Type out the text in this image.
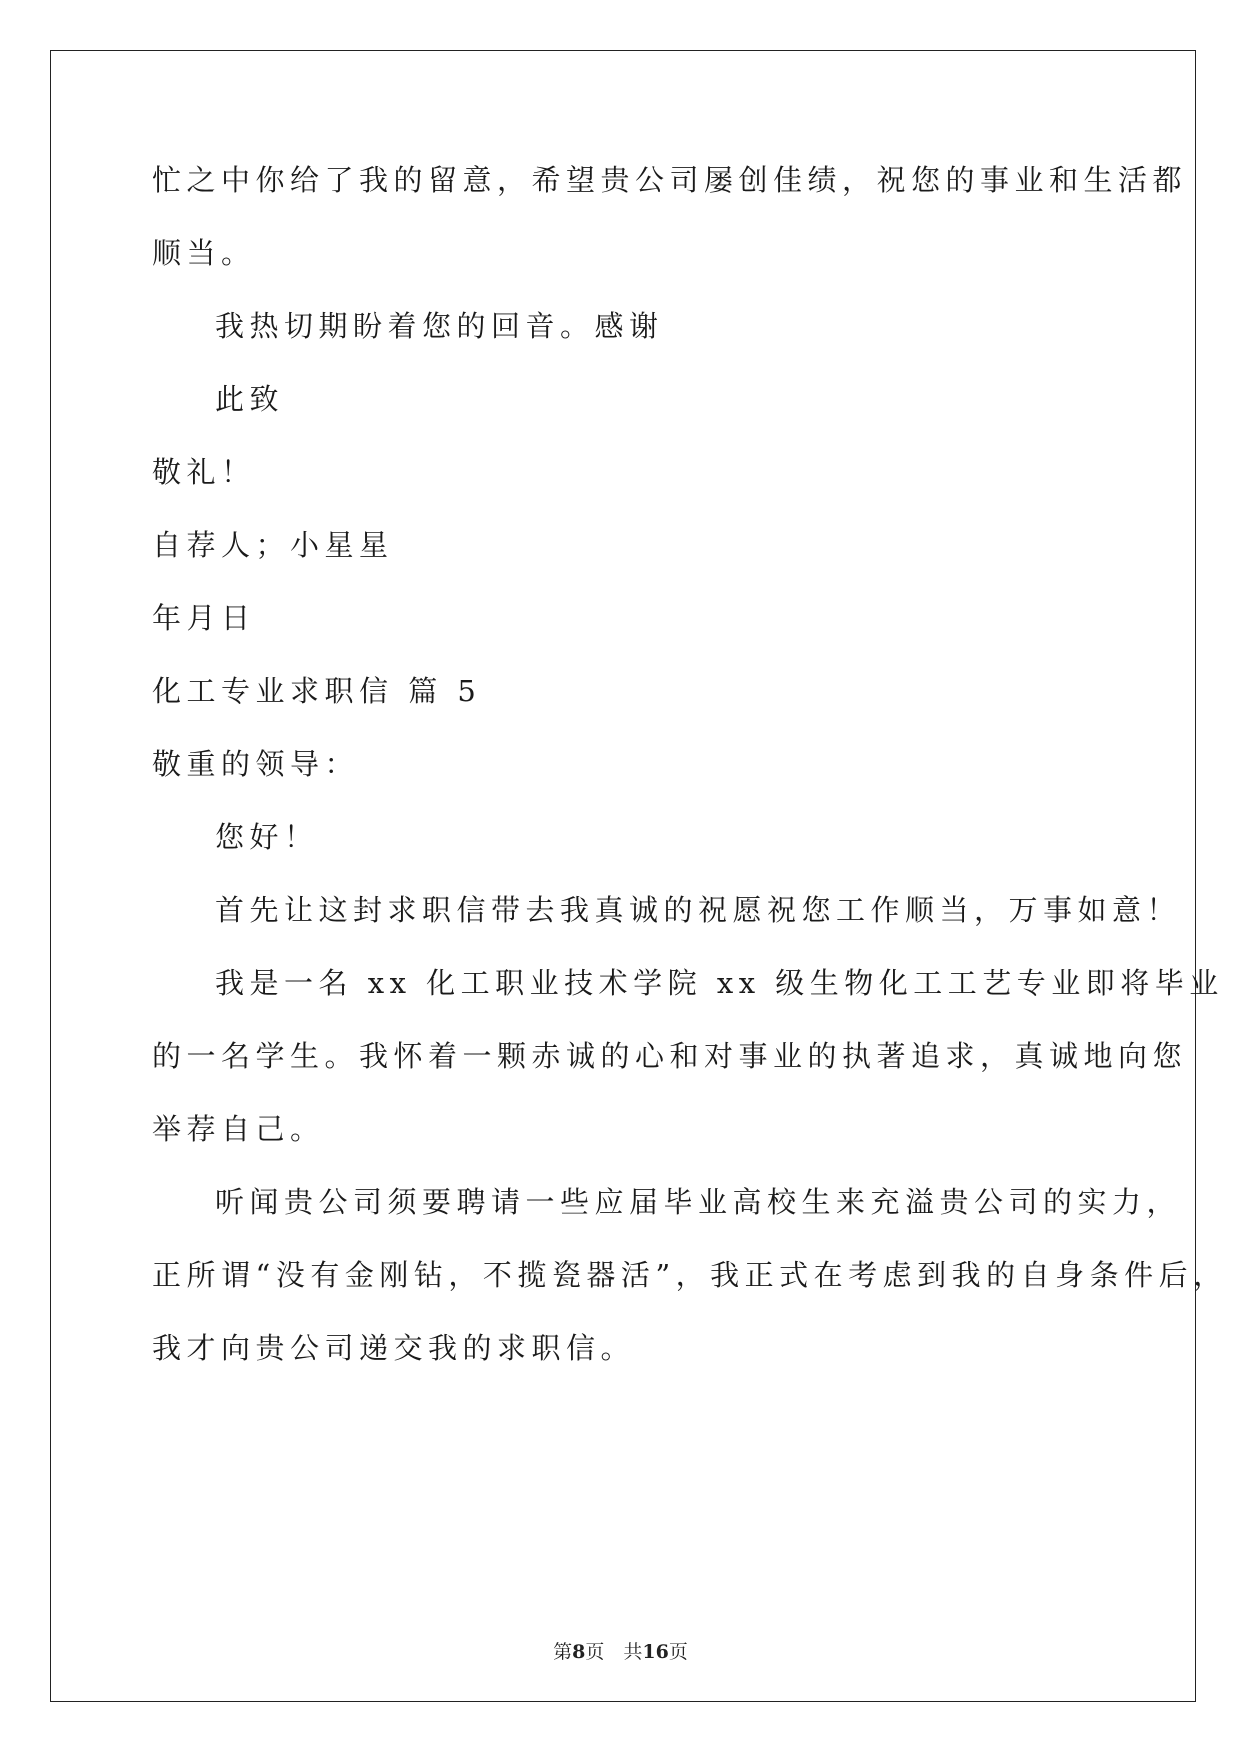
忙之中你给了我的留意，希望贵公司屡创佳绩，祝您的事业和生活都
顺当。
我热切期盼着您的回音。感谢
此致
敬礼！
自荐人；小星星
年月日
化工专业求职信 篇 5
敬重的领导：
您好！
首先让这封求职信带去我真诚的祝愿祝您工作顺当，万事如意！
我是一名 xx 化工职业技术学院 xx 级生物化工工艺专业即将毕业
的一名学生。我怀着一颗赤诚的心和对事业的执著追求，真诚地向您
举荐自己。
听闻贵公司须要聘请一些应届毕业高校生来充溢贵公司的实力，
正所谓“没有金刚钻，不揽瓷器活”，我正式在考虑到我的自身条件后，
我才向贵公司递交我的求职信。
第8页　共16页
